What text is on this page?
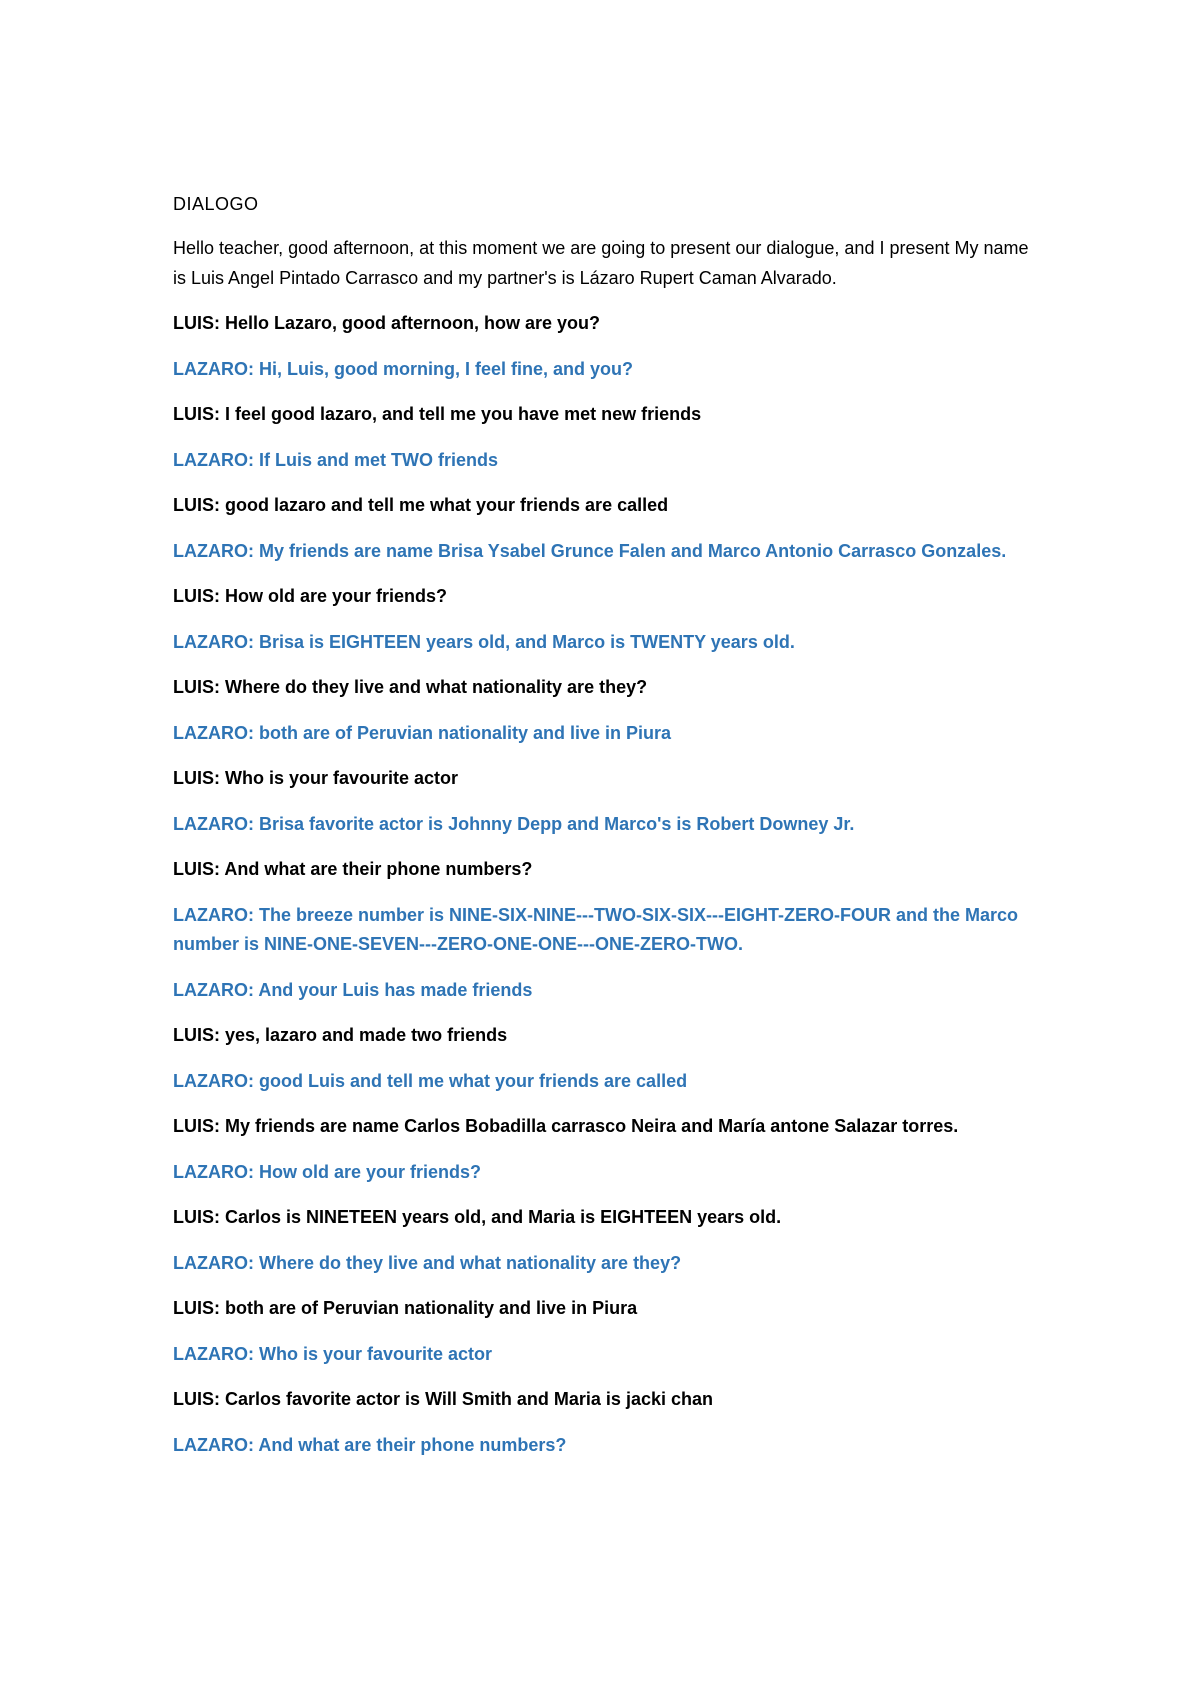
DIALOGO

Hello teacher, good afternoon, at this moment we are going to present our dialogue, and I present My name is Luis Angel Pintado Carrasco and my partner's is Lázaro Rupert Caman Alvarado.

LUIS: Hello Lazaro, good afternoon, how are you?

LAZARO: Hi, Luis, good morning, I feel fine, and you?

LUIS: I feel good lazaro, and tell me you have met new friends

LAZARO: If Luis and met TWO friends

LUIS: good lazaro and tell me what your friends are called

LAZARO: My friends are name Brisa Ysabel Grunce Falen and Marco Antonio Carrasco Gonzales.

LUIS: How old are your friends?

LAZARO: Brisa is EIGHTEEN years old, and Marco is TWENTY years old.

LUIS: Where do they live and what nationality are they?

LAZARO: both are of Peruvian nationality and live in Piura

LUIS: Who is your favourite actor

LAZARO: Brisa favorite actor is Johnny Depp and Marco's is Robert Downey Jr.

LUIS: And what are their phone numbers?

LAZARO: The breeze number is NINE-SIX-NINE---TWO-SIX-SIX---EIGHT-ZERO-FOUR and the Marco number is NINE-ONE-SEVEN---ZERO-ONE-ONE---ONE-ZERO-TWO.

LAZARO: And your Luis has made friends

LUIS: yes, lazaro and made two friends

LAZARO: good Luis and tell me what your friends are called

LUIS: My friends are name Carlos Bobadilla carrasco Neira and María antone Salazar torres.

LAZARO: How old are your friends?

LUIS: Carlos is NINETEEN years old, and Maria is EIGHTEEN years old.

LAZARO: Where do they live and what nationality are they?

LUIS: both are of Peruvian nationality and live in Piura

LAZARO: Who is your favourite actor

LUIS: Carlos favorite actor is Will Smith and Maria is jacki chan

LAZARO: And what are their phone numbers?
